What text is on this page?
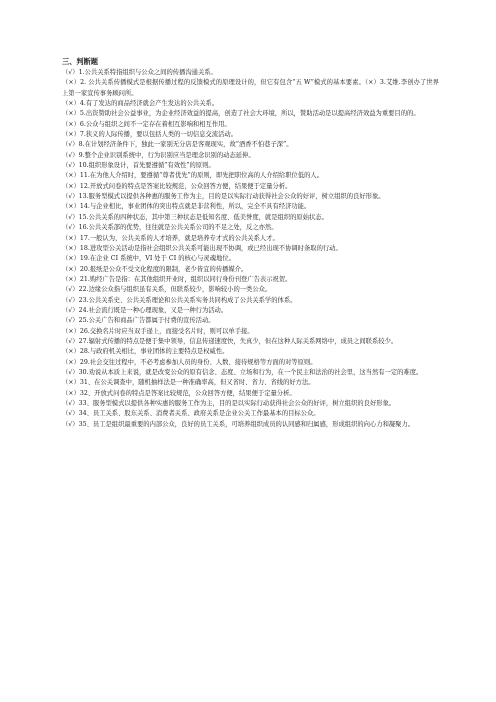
三、判断题
（√）1.公共关系特指组织与公众之间的传播沟通关系。
（×）2. 公共关系传播模式是根据传播过程的反馈模式的原理设计的，但它有包含“五 W”模式的基本要素。（×）3.艾维.李创办了世界上第一家宣传事务顾问所。
（×）4.有了发达的商品经济就会产生发达的公共关系。
（×）5.出资赞助社会公益事业，为企业经济效益的提高，创造了社会大环境，所以，赞助活动是以提高经济效益为重要目的的。
（×）6.公众与组织之间不一定存在着相互影响和相互作用。
（×）7.狭义的人际传播，要以包括人类的一切信息交流活动。
（√）8.在计划经济条件下，独此一家别无分店是客观现实，故“酒香不怕巷子深”。
（√）9.整个企业识别系统中，行为识别应当是理念识别的动态延伸。
（√）10.组织形象设计，首先要遵循“有效性”的原则。
（×）11.在为他人介绍时，要遵循“尊者优先”的原则，即先把职位高的人介绍给职位低的人。
（×）12.开放式问卷的特点是答案比较规范，公众回答方便，结果便于定量分析。
（√）13.服务型模式以提供各种惠的服务工作为主，目的是以实际行动获得社会公众的好评，树立组织的良好形象。
（×）14.与企业相比，事业团体的突出特点就是非营利性，所以，完全不具有经济功能。
（√）15.公共关系的四种状态，其中第三种状态是低知名度、低美誉度，就是组织的原始状态。
（√）16.公共关系部的优势，往往就是公共关系公司的不足之处，反之亦然。
（×）17.一般认为，公共关系的人才培养，就是培养专才式的公共关系人才。
（×）18.进攻型公关活动是指社会组织公共关系可能出现不协调，或已经出现不协调时条取的行动。
（×）19.在企业 CI 系统中，VI 处于 CI 的核心与灵魂地位。
（×）20.报纸是公众不受文化程度的限制，老少皆宜的传播媒介。
（×）21.购经广告是指：在其他组织开业时，组织以同行身份刊登广告表示祝贺。
（√）22.边缘公众指与组织虽有关系，但联系较少，影响较小的一类公众。
（√）23.公共关系史、公共关系理论和公共关系实务共同构成了公共关系学的体系。
（√）24.社会流行既是一种心理现象，又是一种行为活动。
（√）25.公关广告和商品广告都属于付费的宣传活动。
（×）26.交换名片时应当双手递上，而接受名片时，则可以单手接。
（√）27.辐射式传播的特点是便于集中领导，信息传递速度快，失真少，但在这种人际关系网络中，成员之间联系较少。
（×）28.与政府机关相比，事业团体的主要特点是权威性。
（×）29.社会交往过程中，不必考虑参加人员的身份、人数、接待规格等方面的对等原则。
（√）30.劝说从本质上来说，就是改变公众的原有信念、态度、立场和行为，在一个民主和法治的社会里，这当然有一定的难度。
（×）31、在公关调查中，随机抽样法是一种准确率高，但又省时、省力、省线的好方法。
（×）32、开放式问卷的特点是答案比较规范，公众回答方便，结果便于定量分析。
（√）33、服务型模式以提供各种实惠的服务工作为主，目的是以实际行动获得社会公众的好评，树立组织的良好形象。
（√）34、员工关系、股东关系、消费者关系、政府关系是企业公关工作最基本的目标公众。
（√）35、员工是组织最重要的内部公众，良好的员工关系，可培养组织成员的认同感和归属感，形成组织的向心力和凝聚力。
